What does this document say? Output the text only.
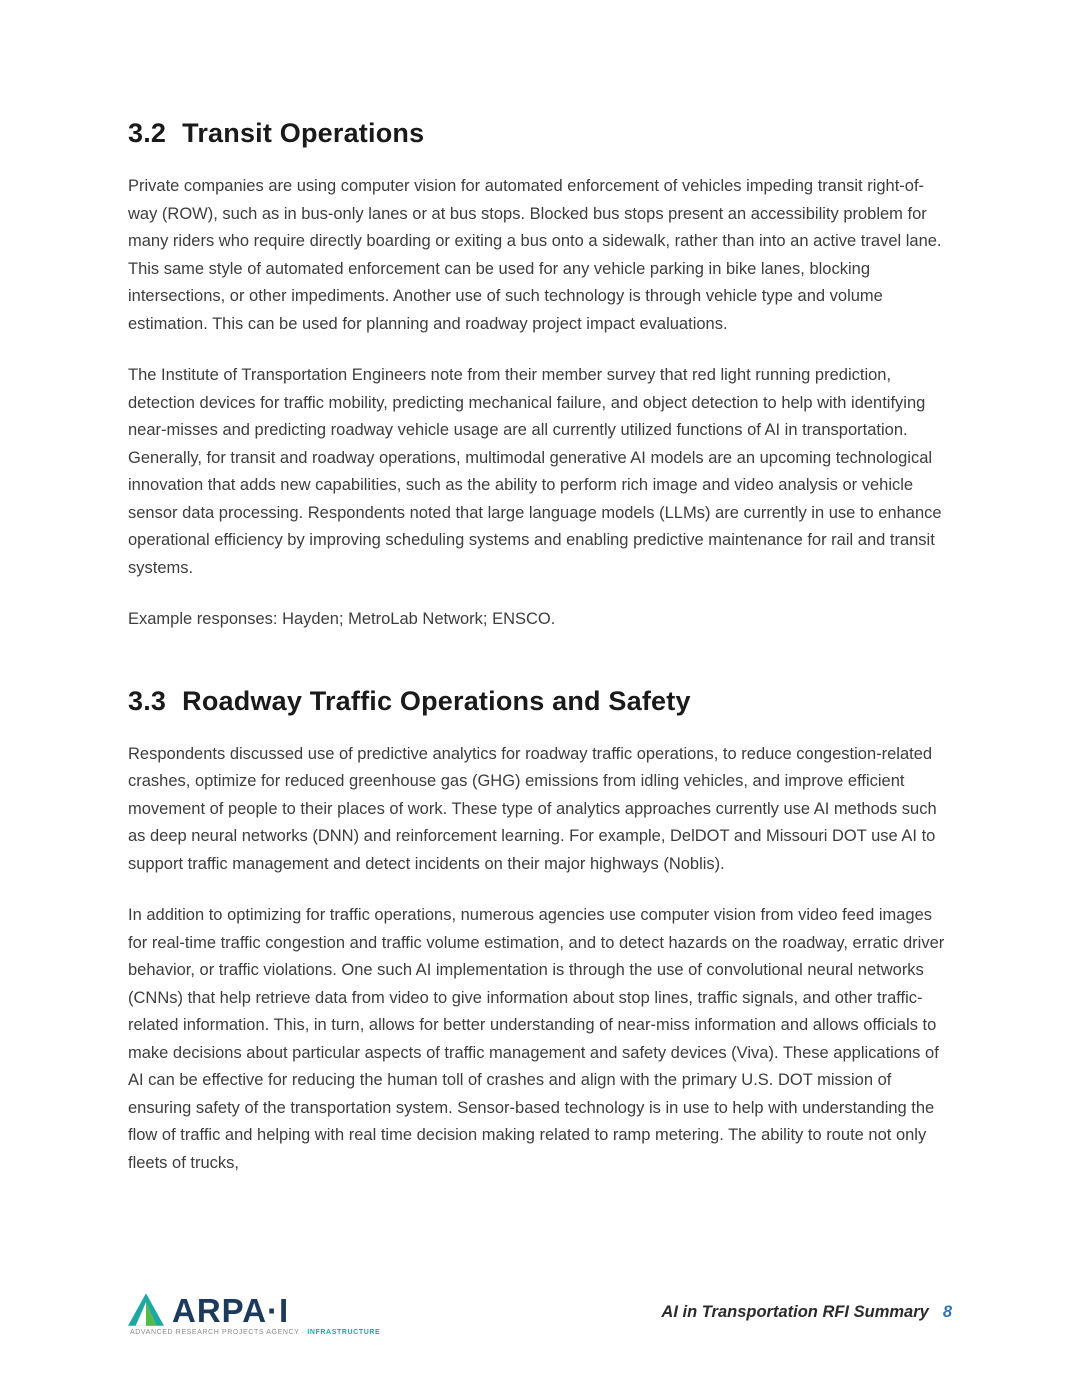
3.2 Transit Operations

Private companies are using computer vision for automated enforcement of vehicles impeding transit right-of-way (ROW), such as in bus-only lanes or at bus stops. Blocked bus stops present an accessibility problem for many riders who require directly boarding or exiting a bus onto a sidewalk, rather than into an active travel lane. This same style of automated enforcement can be used for any vehicle parking in bike lanes, blocking intersections, or other impediments. Another use of such technology is through vehicle type and volume estimation. This can be used for planning and roadway project impact evaluations.

The Institute of Transportation Engineers note from their member survey that red light running prediction, detection devices for traffic mobility, predicting mechanical failure, and object detection to help with identifying near-misses and predicting roadway vehicle usage are all currently utilized functions of AI in transportation. Generally, for transit and roadway operations, multimodal generative AI models are an upcoming technological innovation that adds new capabilities, such as the ability to perform rich image and video analysis or vehicle sensor data processing. Respondents noted that large language models (LLMs) are currently in use to enhance operational efficiency by improving scheduling systems and enabling predictive maintenance for rail and transit systems.

Example responses: Hayden; MetroLab Network; ENSCO.

3.3 Roadway Traffic Operations and Safety

Respondents discussed use of predictive analytics for roadway traffic operations, to reduce congestion-related crashes, optimize for reduced greenhouse gas (GHG) emissions from idling vehicles, and improve efficient movement of people to their places of work. These type of analytics approaches currently use AI methods such as deep neural networks (DNN) and reinforcement learning. For example, DelDOT and Missouri DOT use AI to support traffic management and detect incidents on their major highways (Noblis).

In addition to optimizing for traffic operations, numerous agencies use computer vision from video feed images for real-time traffic congestion and traffic volume estimation, and to detect hazards on the roadway, erratic driver behavior, or traffic violations. One such AI implementation is through the use of convolutional neural networks (CNNs) that help retrieve data from video to give information about stop lines, traffic signals, and other traffic-related information. This, in turn, allows for better understanding of near-miss information and allows officials to make decisions about particular aspects of traffic management and safety devices (Viva). These applications of AI can be effective for reducing the human toll of crashes and align with the primary U.S. DOT mission of ensuring safety of the transportation system. Sensor-based technology is in use to help with understanding the flow of traffic and helping with real time decision making related to ramp metering. The ability to route not only fleets of trucks,

ARPA·I
ADVANCED RESEARCH PROJECTS AGENCY · INFRASTRUCTURE
AI in Transportation RFI Summary 8
